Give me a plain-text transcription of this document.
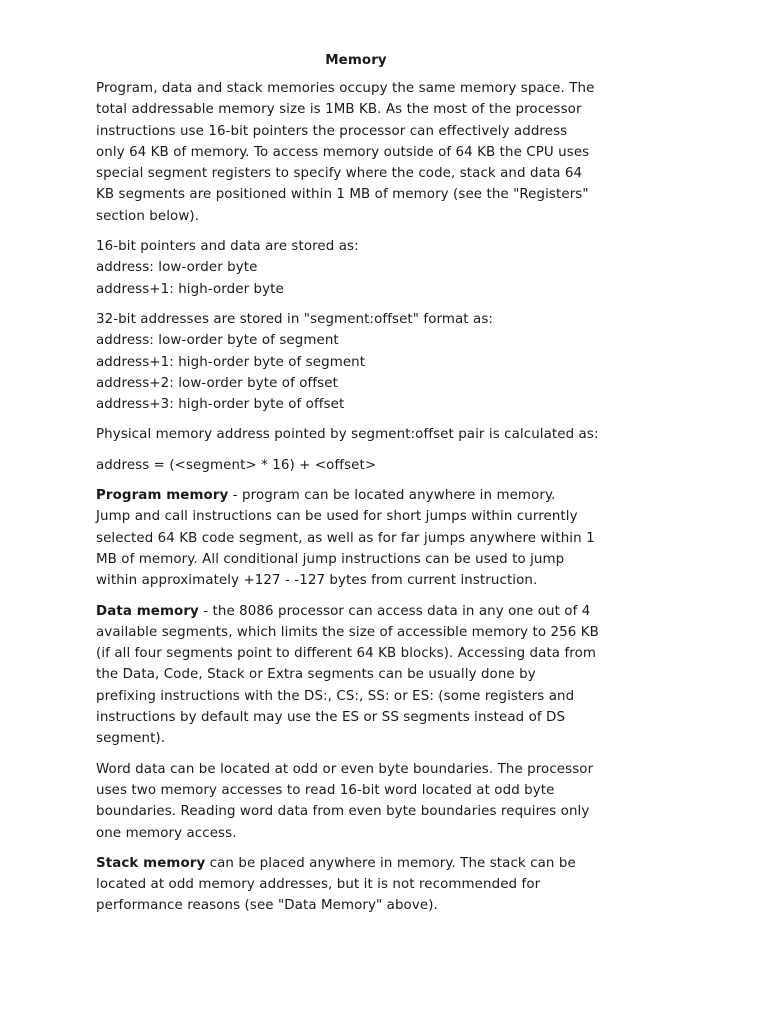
Memory

Program, data and stack memories occupy the same memory space. The
total addressable memory size is 1MB KB. As the most of the processor
instructions use 16-bit pointers the processor can effectively address
only 64 KB of memory. To access memory outside of 64 KB the CPU uses
special segment registers to specify where the code, stack and data 64
KB segments are positioned within 1 MB of memory (see the "Registers"
section below).

16-bit pointers and data are stored as:
address: low-order byte
address+1: high-order byte

32-bit addresses are stored in "segment:offset" format as:
address: low-order byte of segment
address+1: high-order byte of segment
address+2: low-order byte of offset
address+3: high-order byte of offset

Physical memory address pointed by segment:offset pair is calculated as:

address = (<segment> * 16) + <offset>

Program memory - program can be located anywhere in memory.
Jump and call instructions can be used for short jumps within currently
selected 64 KB code segment, as well as for far jumps anywhere within 1
MB of memory. All conditional jump instructions can be used to jump
within approximately +127 - -127 bytes from current instruction.

Data memory - the 8086 processor can access data in any one out of 4
available segments, which limits the size of accessible memory to 256 KB
(if all four segments point to different 64 KB blocks). Accessing data from
the Data, Code, Stack or Extra segments can be usually done by
prefixing instructions with the DS:, CS:, SS: or ES: (some registers and
instructions by default may use the ES or SS segments instead of DS
segment).

Word data can be located at odd or even byte boundaries. The processor
uses two memory accesses to read 16-bit word located at odd byte
boundaries. Reading word data from even byte boundaries requires only
one memory access.

Stack memory can be placed anywhere in memory. The stack can be
located at odd memory addresses, but it is not recommended for
performance reasons (see "Data Memory" above).
